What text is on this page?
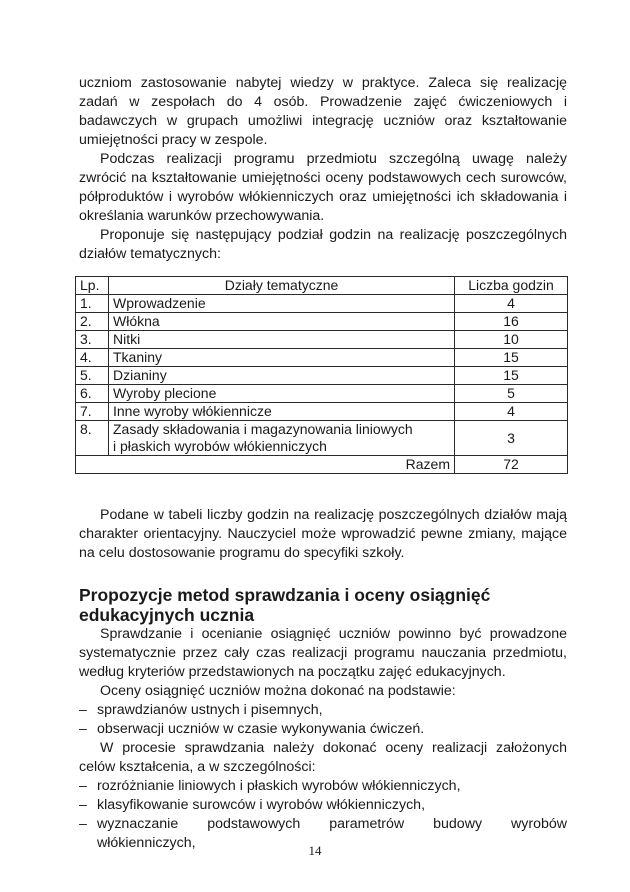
uczniom zastosowanie nabytej wiedzy w praktyce. Zaleca się realizację zadań w zespołach do 4 osób. Prowadzenie zajęć ćwiczeniowych i badawczych w grupach umożliwi integrację uczniów oraz kształtowanie umiejętności pracy w zespole.

Podczas realizacji programu przedmiotu szczególną uwagę należy zwrócić na kształtowanie umiejętności oceny podstawowych cech surowców, półproduktów i wyrobów włókienniczych oraz umiejętności ich składowania i określania warunków przechowywania.

Proponuje się następujący podział godzin na realizację poszczególnych działów tematycznych:

Lp.	Działy tematyczne	Liczba godzin
1.	Wprowadzenie	4
2.	Włókna	16
3.	Nitki	10
4.	Tkaniny	15
5.	Dzianiny	15
6.	Wyroby plecione	5
7.	Inne wyroby włókiennicze	4
8.	Zasady składowania i magazynowania liniowych
i płaskich wyrobów włókienniczych	3
Razem		72

Podane w tabeli liczby godzin na realizację poszczególnych działów mają charakter orientacyjny. Nauczyciel może wprowadzić pewne zmiany, mające na celu dostosowanie programu do specyfiki szkoły.

Propozycje metod sprawdzania i oceny osiągnięć edukacyjnych ucznia

Sprawdzanie i ocenianie osiągnięć uczniów powinno być prowadzone systematycznie przez cały czas realizacji programu nauczania przedmiotu, według kryteriów przedstawionych na początku zajęć edukacyjnych.

Oceny osiągnięć uczniów można dokonać na podstawie:

– sprawdzianów ustnych i pisemnych,
– obserwacji uczniów w czasie wykonywania ćwiczeń.

W procesie sprawdzania należy dokonać oceny realizacji założonych celów kształcenia, a w szczególności:

– rozróżnianie liniowych i płaskich wyrobów włókienniczych,
– klasyfikowanie surowców i wyrobów włókienniczych,
– wyznaczanie podstawowych parametrów budowy wyrobów włókienniczych,	14
